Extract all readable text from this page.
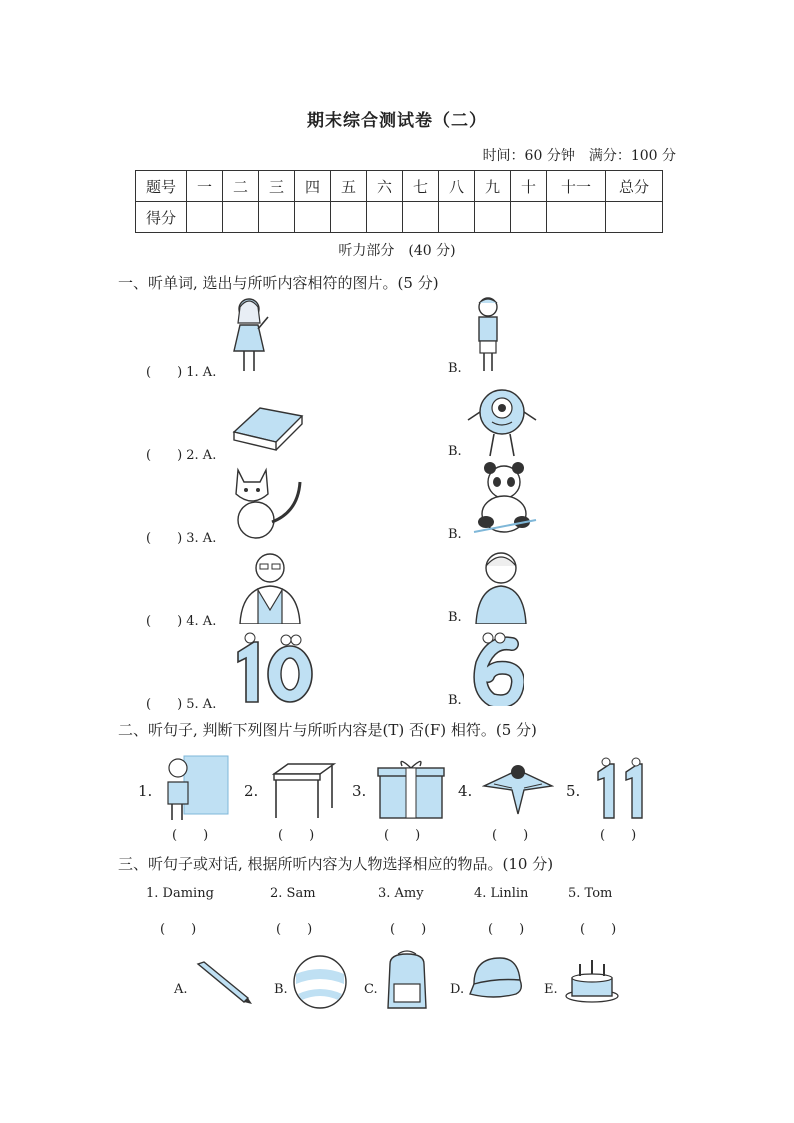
期末综合测试卷（二）
时间：60 分钟　满分：100 分
题号	一	二	三	四	五	六	七	八	九	十	十一	总分
得分												
听力部分　(40 分)
一、听单词, 选出与所听内容相符的图片。(5 分)
(　　) 1. A.	B.
(　　) 2. A.	B.
(　　) 3. A.	B.
(　　) 4. A.	B.
(　　) 5. A.	B.
二、听句子, 判断下列图片与所听内容是(T) 否(F) 相符。(5 分)
1.
(　　)
2.
(　　)
3.
(　　)
4.
(　　)
5.
(　　)
三、听句子或对话, 根据所听内容为人物选择相应的物品。(10 分)
1. Daming	2. Sam	3. Amy	4. Linlin	5. Tom
(　　)	(　　)	(　　)	(　　)	(　　)
A.	B.	C.	D.	E.
